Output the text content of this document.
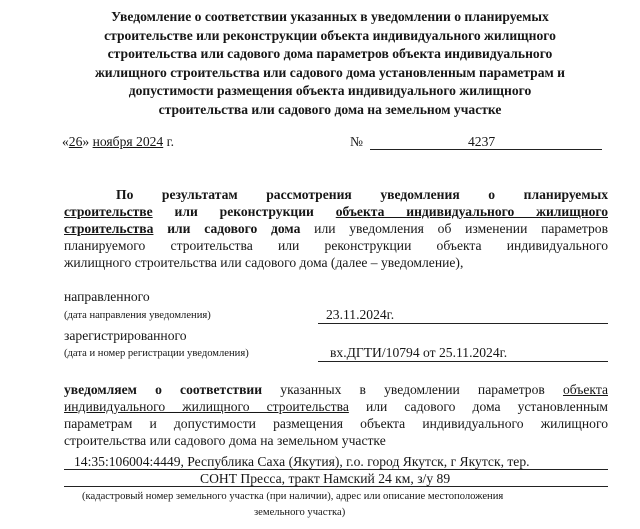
Уведомление о соответствии указанных в уведомлении о планируемых
строительстве или реконструкции объекта индивидуального жилищного
строительства или садового дома параметров объекта индивидуального
жилищного строительства или садового дома установленным параметрам и
допустимости размещения объекта индивидуального жилищного
строительства или садового дома на земельном участке
«26» ноября 2024 г.	№	4237
По результатам рассмотрения уведомления о планируемых
строительстве или реконструкции объекта индивидуального жилищного
строительства или садового дома или уведомления об изменении параметров
планируемого строительства или реконструкции объекта индивидуального
жилищного строительства или садового дома (далее – уведомление),
направленного
(дата направления уведомления)	23.11.2024г.
зарегистрированного
(дата и номер регистрации уведомления)	вх.ДГТИ/10794 от 25.11.2024г.
уведомляем о соответствии указанных в уведомлении параметров объекта
индивидуального жилищного строительства или садового дома установленным
параметрам и допустимости размещения объекта индивидуального жилищного
строительства или садового дома на земельном участке
14:35:106004:4449, Республика Саха (Якутия), г.о. город Якутск, г Якутск, тер.
СОНТ Пресса, тракт Намский 24 км, з/у 89
(кадастровый номер земельного участка (при наличии), адрес или описание местоположения
земельного участка)
